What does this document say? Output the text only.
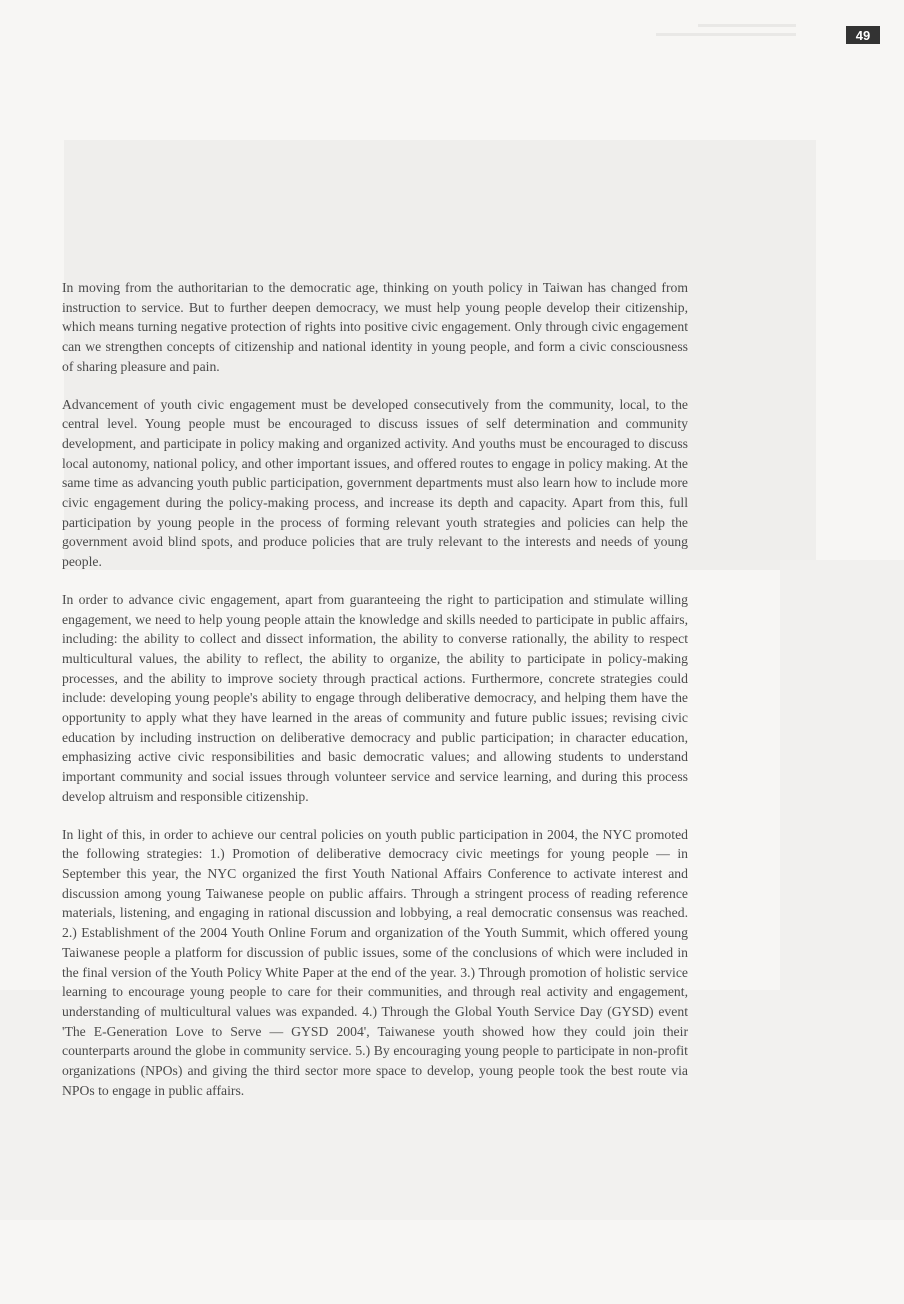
49

In moving from the authoritarian to the democratic age, thinking on youth policy in Taiwan has changed from instruction to service. But to further deepen democracy, we must help young people develop their citizenship, which means turning negative protection of rights into positive civic engagement. Only through civic engagement can we strengthen concepts of citizenship and national identity in young people, and form a civic consciousness of sharing pleasure and pain.

Advancement of youth civic engagement must be developed consecutively from the community, local, to the central level. Young people must be encouraged to discuss issues of self determination and community development, and participate in policy making and organized activity. And youths must be encouraged to discuss local autonomy, national policy, and other important issues, and offered routes to engage in policy making. At the same time as advancing youth public participation, government departments must also learn how to include more civic engagement during the policy-making process, and increase its depth and capacity. Apart from this, full participation by young people in the process of forming relevant youth strategies and policies can help the government avoid blind spots, and produce policies that are truly relevant to the interests and needs of young people.

In order to advance civic engagement, apart from guaranteeing the right to participation and stimulate willing engagement, we need to help young people attain the knowledge and skills needed to participate in public affairs, including: the ability to collect and dissect information, the ability to converse rationally, the ability to respect multicultural values, the ability to reflect, the ability to organize, the ability to participate in policy-making processes, and the ability to improve society through practical actions. Furthermore, concrete strategies could include: developing young people's ability to engage through deliberative democracy, and helping them have the opportunity to apply what they have learned in the areas of community and future public issues; revising civic education by including instruction on deliberative democracy and public participation; in character education, emphasizing active civic responsibilities and basic democratic values; and allowing students to understand important community and social issues through volunteer service and service learning, and during this process develop altruism and responsible citizenship.

In light of this, in order to achieve our central policies on youth public participation in 2004, the NYC promoted the following strategies: 1.) Promotion of deliberative democracy civic meetings for young people — in September this year, the NYC organized the first Youth National Affairs Conference to activate interest and discussion among young Taiwanese people on public affairs. Through a stringent process of reading reference materials, listening, and engaging in rational discussion and lobbying, a real democratic consensus was reached. 2.) Establishment of the 2004 Youth Online Forum and organization of the Youth Summit, which offered young Taiwanese people a platform for discussion of public issues, some of the conclusions of which were included in the final version of the Youth Policy White Paper at the end of the year. 3.) Through promotion of holistic service learning to encourage young people to care for their communities, and through real activity and engagement, understanding of multicultural values was expanded. 4.) Through the Global Youth Service Day (GYSD) event 'The E-Generation Love to Serve — GYSD 2004', Taiwanese youth showed how they could join their counterparts around the globe in community service. 5.) By encouraging young people to participate in non-profit organizations (NPOs) and giving the third sector more space to develop, young people took the best route via NPOs to engage in public affairs.
